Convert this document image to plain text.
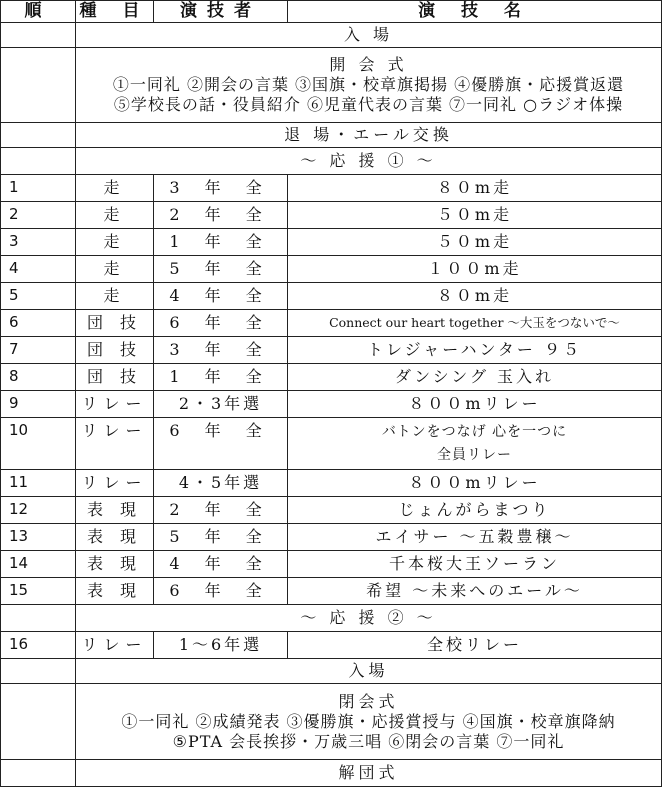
順	種 目	演技者	演 技 名
	入 場		

	開 会 式
①一同礼 ②開会の言葉 ③国旗・校章旗掲揚 ④優勝旗・応援賞返還
⑤学校長の話・役員紹介 ⑥児童代表の言葉 ⑦一同礼 ○ラジオ体操		

	退 場・エール交換		
	～ 応 援 ① ～		
1	走	3 年 全	８０m走
2	走	2 年 全	５０m走
3	走	1 年 全	５０m走
4	走	5 年 全	１００m走
5	走	4 年 全	８０m走
6	団 技	6 年 全	Connect our heart together ～大玉をつないで～
7	団 技	3 年 全	トレジャーハンター ９５
8	団 技	1 年 全	ダンシング 玉入れ
9	リレー	2・3年選	８００mリレー
10	リレー	6 年 全	バトンをつなげ 心を一つに
全員リレー

11	リレー	4・5年選	８００mリレー
12	表 現	2 年 全	じょんがらまつり
13	表 現	5 年 全	エイサー ～五穀豊穣～
14	表 現	4 年 全	千本桜大王ソーラン
15	表 現	6 年 全	希望 ～未来へのエール～
	～ 応 援 ② ～		
16	リレー	1～6年選	全校リレー
	入場		

	閉会式
①一同礼 ②成績発表 ③優勝旗・応援賞授与 ④国旗・校章旗降納
⑤PTA 会長挨拶・万歳三唱 ⑥閉会の言葉 ⑦一同礼		

	解団式		
